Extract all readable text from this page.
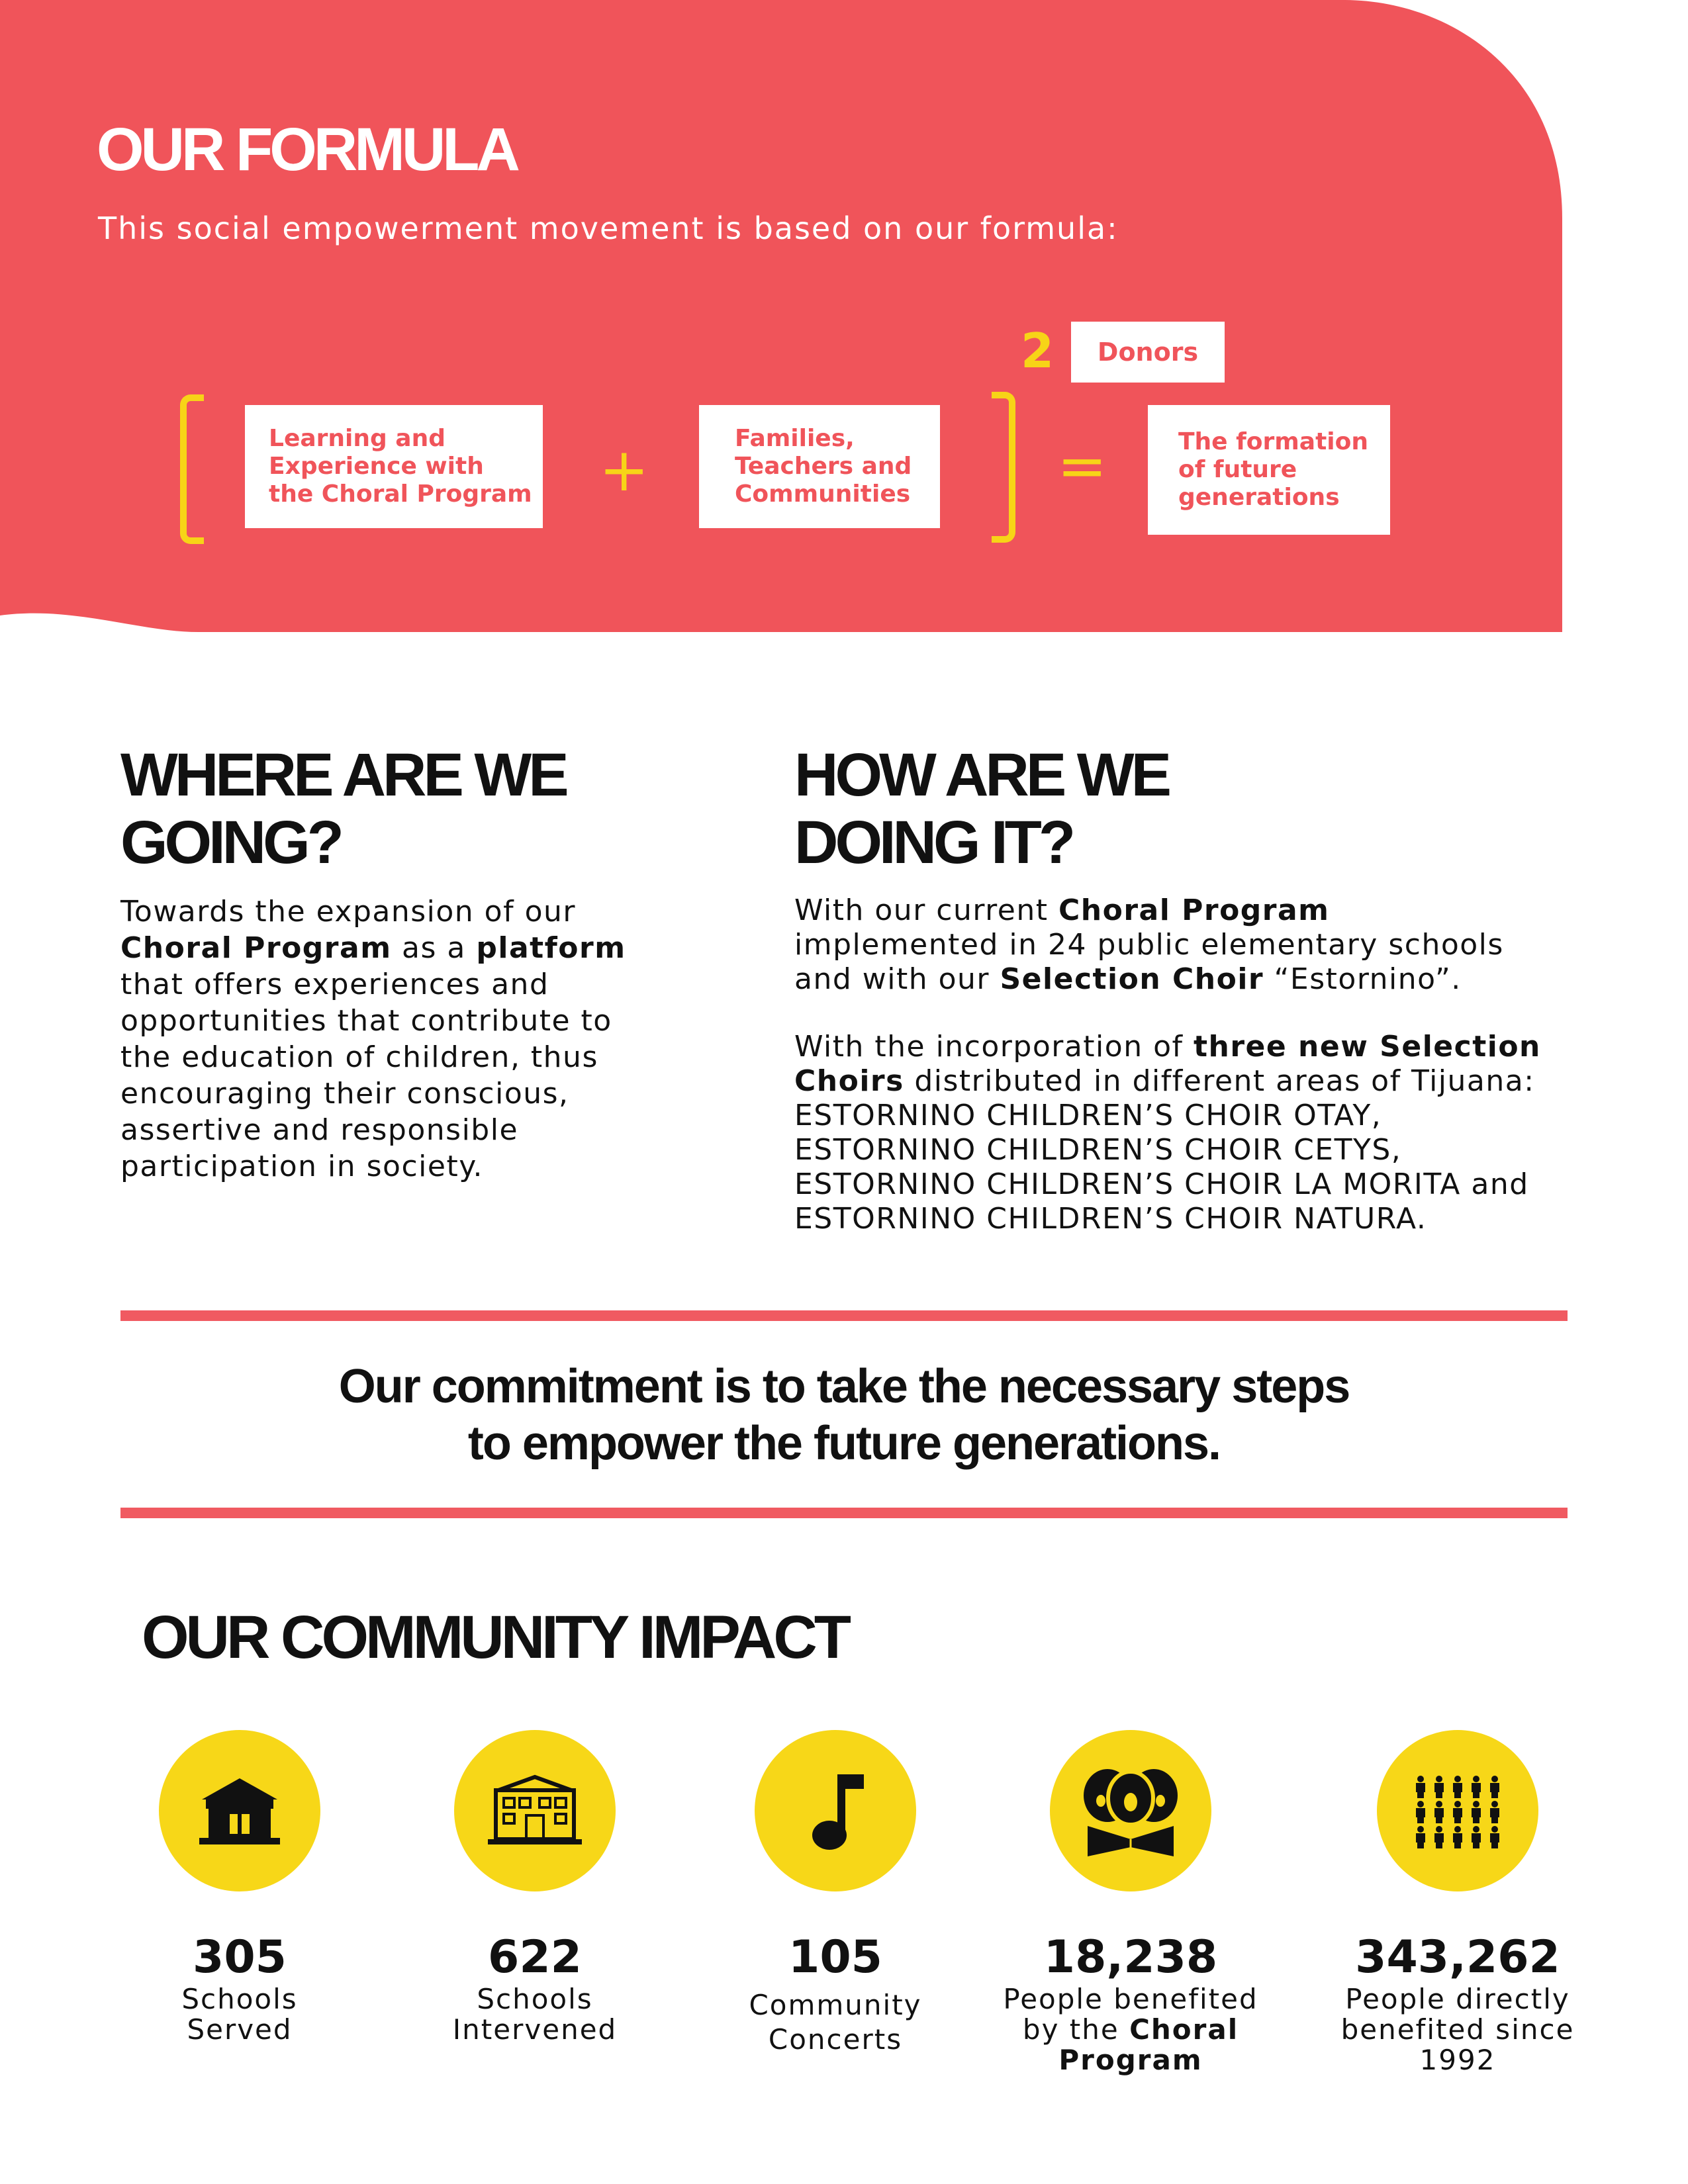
OUR FORMULA
This social empowerment movement is based on our formula:
Learning and
Experience with
the Choral Program +	Families,
Teachers and
Communities
2 Donors
=	The formation
of future
generations
WHERE ARE WE
GOING?
Towards the expansion of our Choral Program as a platform that offers experiences and opportunities that contribute to the education of children, thus encouraging their conscious, assertive and responsible participation in society.
HOW ARE WE
DOING IT?
With our current Choral Program implemented in 24 public elementary schools and with our Selection Choir “Estornino”.
With the incorporation of three new Selection Choirs distributed in different areas of Tijuana: ESTORNINO CHILDREN’S CHOIR OTAY, ESTORNINO CHILDREN’S CHOIR CETYS, ESTORNINO CHILDREN’S CHOIR LA MORITA and ESTORNINO CHILDREN’S CHOIR NATURA.
Our commitment is to take the necessary steps
to empower the future generations.
OUR COMMUNITY IMPACT
305
Schools
Served
622
Schools
Intervened
105
Community
Concerts
18,238
People benefited by the Choral Program
343,262
People directly
benefited since 1992
